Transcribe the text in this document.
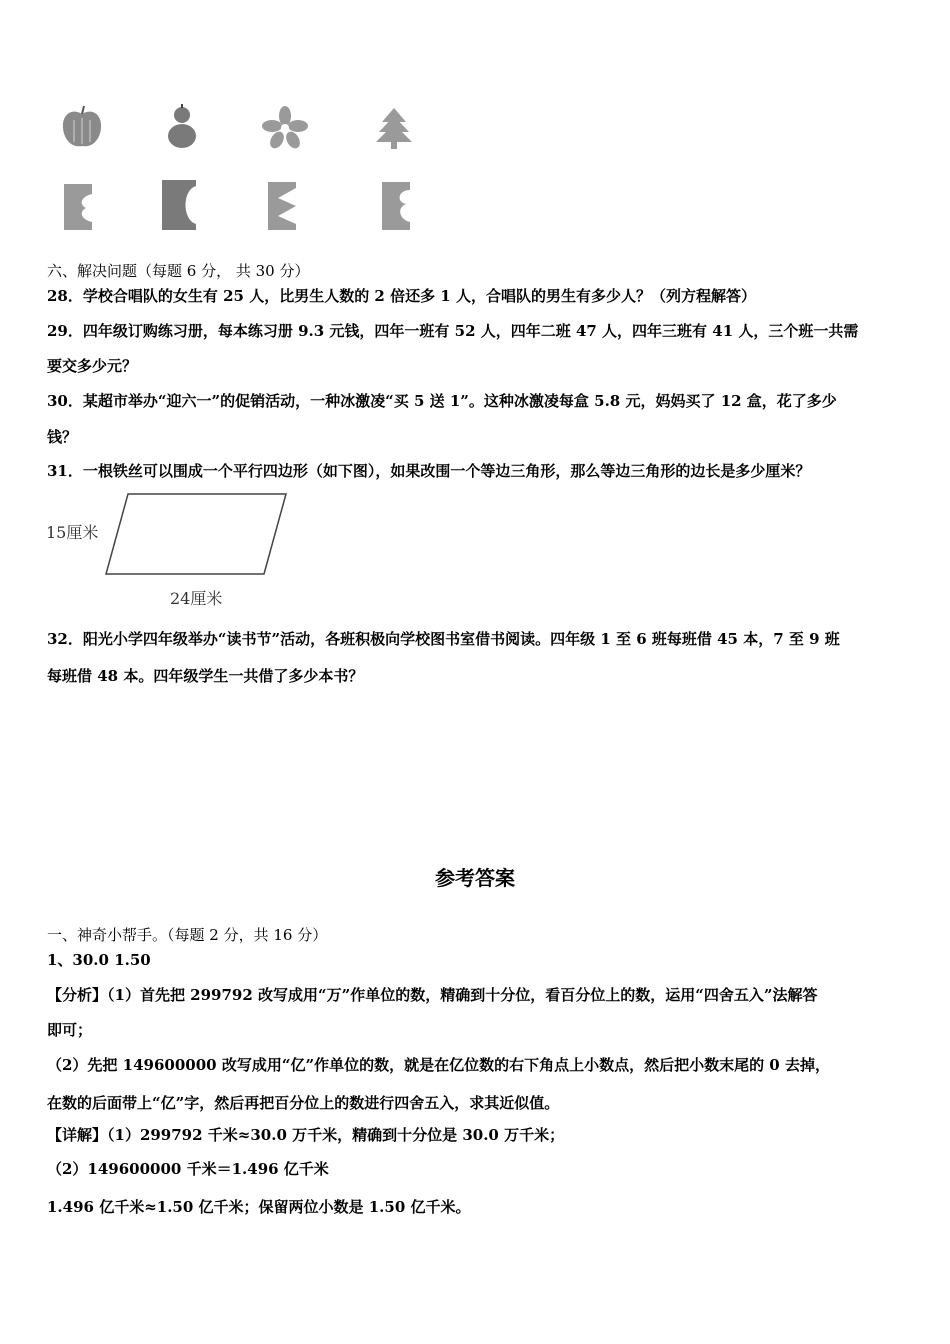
六、解决问题（每题 6 分， 共 30 分）
28．学校合唱队的女生有 25 人，比男生人数的 2 倍还多 1 人，合唱队的男生有多少人？（列方程解答）
29．四年级订购练习册，每本练习册 9.3 元钱，四年一班有 52 人，四年二班 47 人，四年三班有 41 人，三个班一共需
要交多少元？
30．某超市举办“迎六一”的促销活动，一种冰激凌“买 5 送 1”。这种冰激凌每盒 5.8 元，妈妈买了 12 盒，花了多少
钱？
31．一根铁丝可以围成一个平行四边形（如下图），如果改围一个等边三角形，那么等边三角形的边长是多少厘米？
15厘米
24厘米
32．阳光小学四年级举办“读书节”活动，各班积极向学校图书室借书阅读。四年级 1 至 6 班每班借 45 本，7 至 9 班
每班借 48 本。四年级学生一共借了多少本书？
参考答案
一、神奇小帮手。（每题 2 分，共 16 分）
1、30.0 1.50
【分析】（1）首先把 299792 改写成用“万”作单位的数，精确到十分位，看百分位上的数，运用“四舍五入”法解答
即可；
（2）先把 149600000 改写成用“亿”作单位的数，就是在亿位数的右下角点上小数点，然后把小数末尾的 0 去掉，
在数的后面带上“亿”字，然后再把百分位上的数进行四舍五入，求其近似值。
【详解】（1）299792 千米≈30.0 万千米，精确到十分位是 30.0 万千米；
（2）149600000 千米＝1.496 亿千米
1.496 亿千米≈1.50 亿千米；保留两位小数是 1.50 亿千米。
